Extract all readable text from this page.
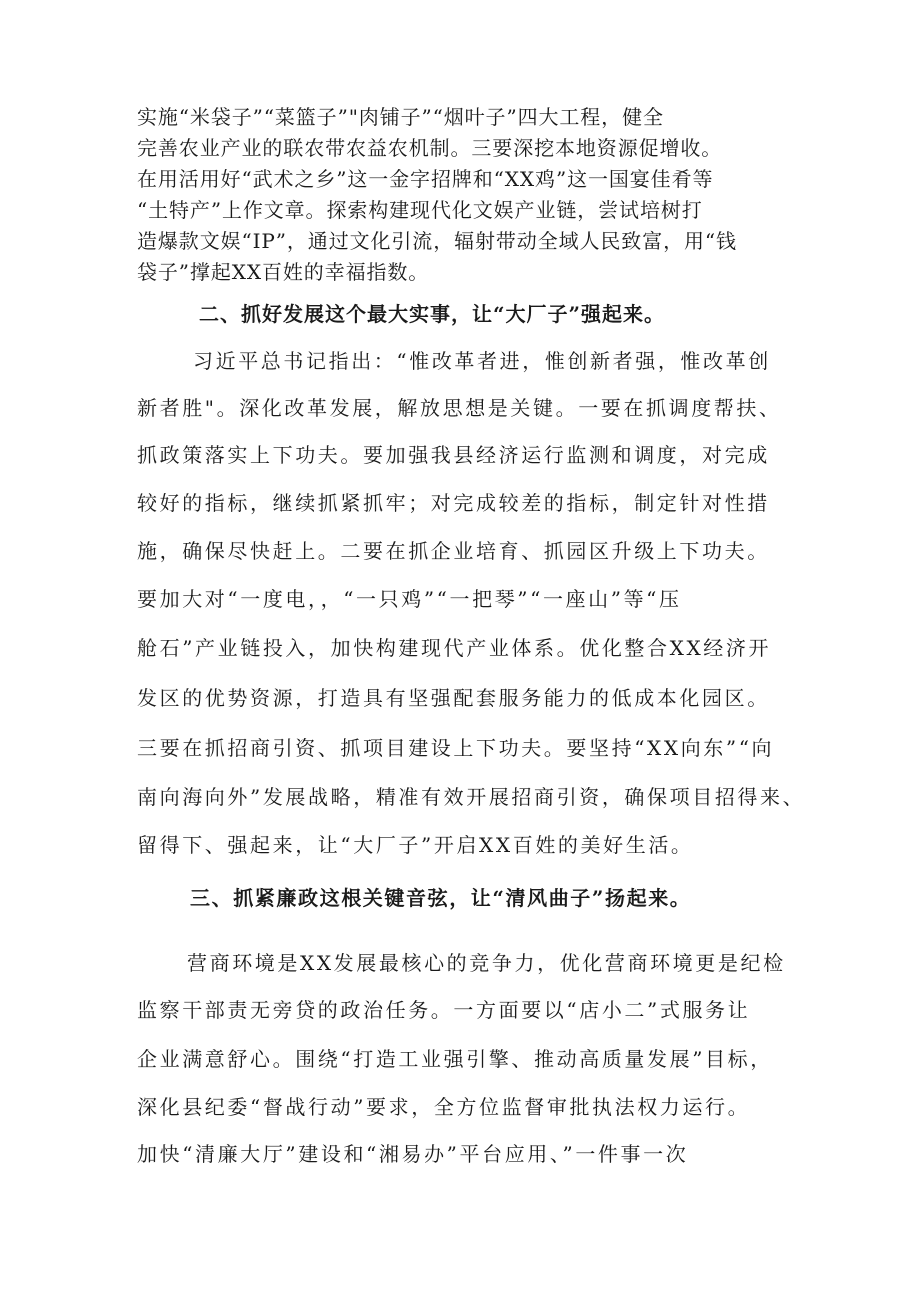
实施“米袋子”“菜篮子”"肉铺子”“烟叶子”四大工程，健全

完善农业产业的联农带农益农机制。三要深挖本地资源促增收。

在用活用好“武术之乡”这一金字招牌和“XX鸡”这一国宴佳肴等

“土特产”上作文章。探索构建现代化文娱产业链，尝试培树打

造爆款文娱“IP”，通过文化引流，辐射带动全域人民致富，用“钱

袋子”撑起XX百姓的幸福指数。

二、抓好发展这个最大实事，让“大厂子”强起来。

习近平总书记指出：“惟改革者进，惟创新者强，惟改革创

新者胜"。深化改革发展，解放思想是关键。一要在抓调度帮扶、

抓政策落实上下功夫。要加强我县经济运行监测和调度，对完成

较好的指标，继续抓紧抓牢；对完成较差的指标，制定针对性措

施，确保尽快赶上。二要在抓企业培育、抓园区升级上下功夫。

要加大对“一度电，，“一只鸡”“一把琴”“一座山”等“压

舱石”产业链投入，加快构建现代产业体系。优化整合XX经济开

发区的优势资源，打造具有坚强配套服务能力的低成本化园区。

三要在抓招商引资、抓项目建设上下功夫。要坚持“XX向东”“向

南向海向外”发展战略，精准有效开展招商引资，确保项目招得来、

留得下、强起来，让“大厂子”开启XX百姓的美好生活。

三、抓紧廉政这根关键音弦，让“清风曲子”扬起来。

营商环境是XX发展最核心的竞争力，优化营商环境更是纪检

监察干部责无旁贷的政治任务。一方面要以“店小二”式服务让

企业满意舒心。围绕“打造工业强引擎、推动高质量发展”目标，

深化县纪委“督战行动”要求，全方位监督审批执法权力运行。

加快“清廉大厅”建设和“湘易办”平台应用、”一件事一次
